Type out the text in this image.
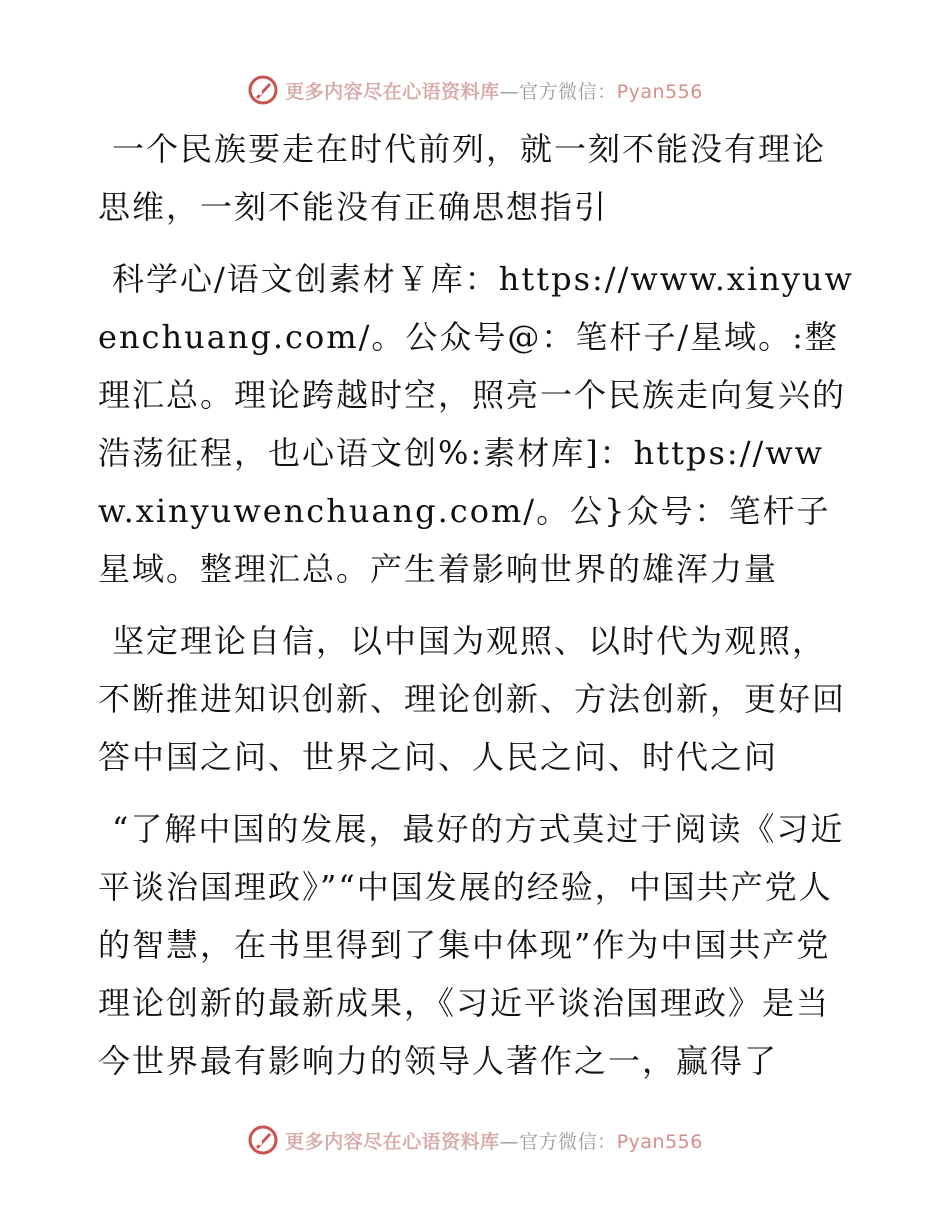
更多内容尽在心语资料库—官方微信：Pyan556

一个民族要走在时代前列，就一刻不能没有理论思维，一刻不能没有正确思想指引

科学心/语文创素材￥库：https://www.xinyuwenchuang.com/。公众号@：笔杆子/星域。:整理汇总。理论跨越时空，照亮一个民族走向复兴的浩荡征程，也心语文创%:素材库]：https://www.xinyuwenchuang.com/。公}众号：笔杆子星域。整理汇总。产生着影响世界的雄浑力量

坚定理论自信，以中国为观照、以时代为观照，不断推进知识创新、理论创新、方法创新，更好回答中国之问、世界之问、人民之问、时代之问

“了解中国的发展，最好的方式莫过于阅读《习近平谈治国理政》”“中国发展的经验，中国共产党人的智慧，在书里得到了集中体现”作为中国共产党理论创新的最新成果，《习近平谈治国理政》是当今世界最有影响力的领导人著作之一，赢得了

更多内容尽在心语资料库—官方微信：Pyan556
